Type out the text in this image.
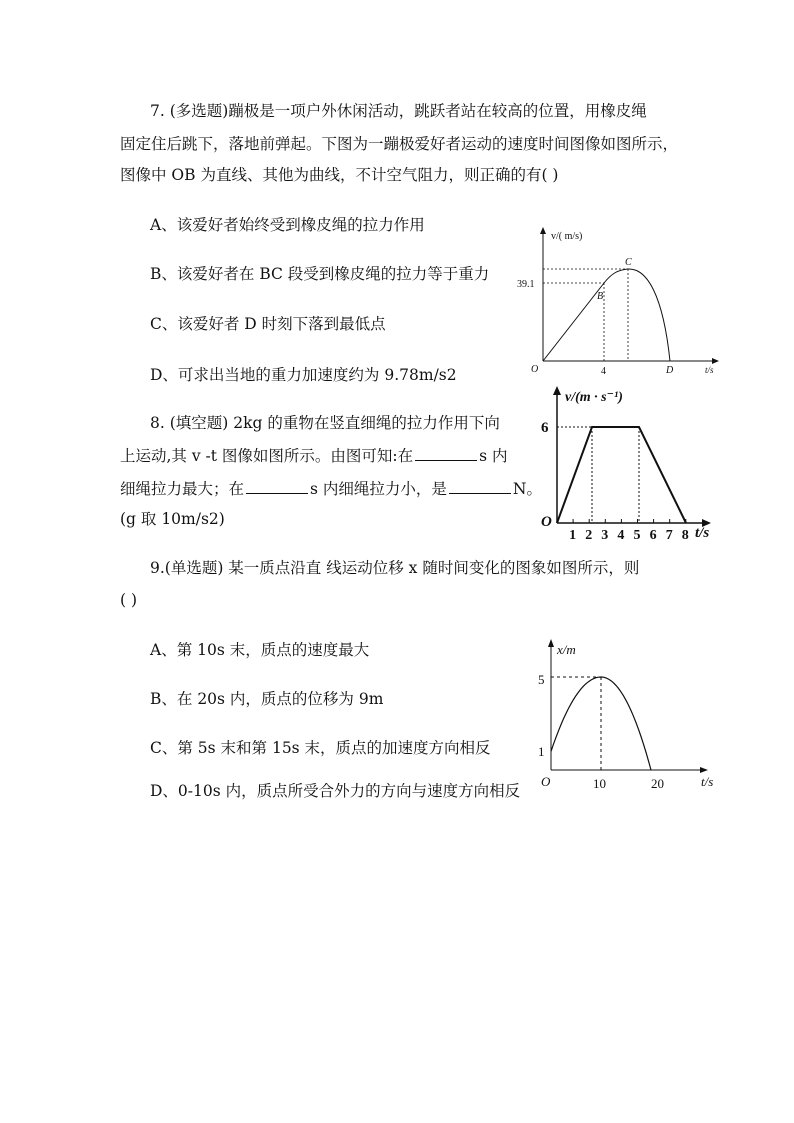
7. (多选题)蹦极是一项户外休闲活动，跳跃者站在较高的位置，用橡皮绳
固定住后跳下，落地前弹起。下图为一蹦极爱好者运动的速度时间图像如图所示，
图像中 OB 为直线、其他为曲线，不计空气阻力，则正确的有( )
A、该爱好者始终受到橡皮绳的拉力作用
B、该爱好者在 BC 段受到橡皮绳的拉力等于重力
C、该爱好者 D 时刻下落到最低点
D、可求出当地的重力加速度约为 9.78m/s2
v/( m/s)
t/s
O
39.1
4
B
C
D
8. (填空题) 2kg 的重物在竖直细绳的拉力作用下向
上运动,其 v -t 图像如图所示。由图可知:在	s 内
细绳拉力最大；在	s 内细绳拉力小，是	N。
(g 取 10m/s2)
v/(m · s⁻¹)
t/s
O
6
1 2 3 4 5 6 7 8
9.(单选题) 某一质点沿直 线运动位移 x 随时间变化的图象如图所示，则
( )
A、第 10s 末，质点的速度最大
B、在 20s 内，质点的位移为 9m
C、第 5s 末和第 15s 末，质点的加速度方向相反
D、0-10s 内，质点所受合外力的方向与速度方向相反
x/m
t/s
O
1
5
10	20
